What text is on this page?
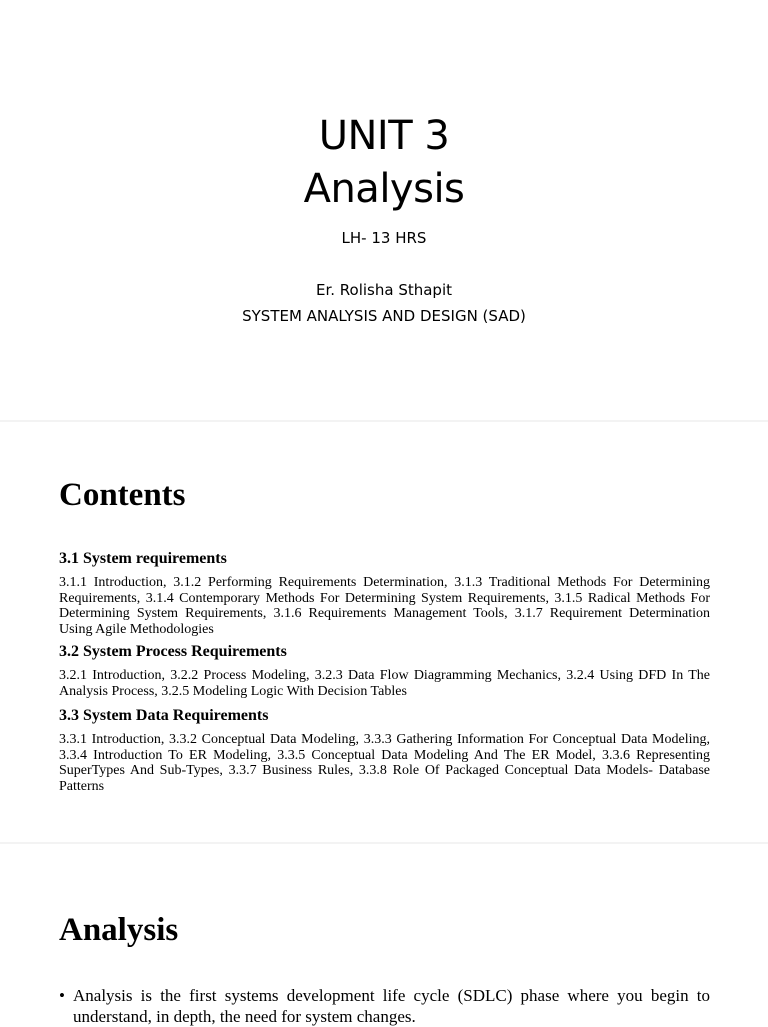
UNIT 3
Analysis
LH- 13 HRS
Er. Rolisha Sthapit
SYSTEM ANALYSIS AND DESIGN (SAD)
Contents

3.1 System requirements

3.1.1 Introduction, 3.1.2 Performing Requirements Determination, 3.1.3 Traditional Methods For Determining Requirements, 3.1.4 Contemporary Methods For Determining System Requirements, 3.1.5 Radical Methods For Determining System Requirements, 3.1.6 Requirements Management Tools, 3.1.7 Requirement Determination Using Agile Methodologies

3.2 System Process Requirements

3.2.1 Introduction, 3.2.2 Process Modeling, 3.2.3 Data Flow Diagramming Mechanics, 3.2.4 Using DFD In The Analysis Process, 3.2.5 Modeling Logic With Decision Tables

3.3 System Data Requirements

3.3.1 Introduction, 3.3.2 Conceptual Data Modeling, 3.3.3 Gathering Information For Conceptual Data Modeling, 3.3.4 Introduction To ER Modeling, 3.3.5 Conceptual Data Modeling And The ER Model, 3.3.6 Representing SuperTypes And Sub-Types, 3.3.7 Business Rules, 3.3.8 Role Of Packaged Conceptual Data Models- Database Patterns

Analysis
• Analysis is the first systems development life cycle (SDLC) phase where you begin to understand, in depth, the need for system changes.
